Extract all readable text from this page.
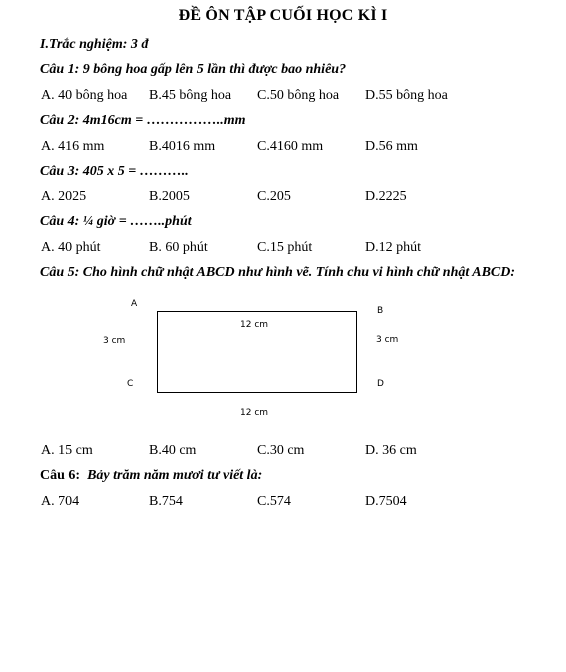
ĐỀ ÔN TẬP CUỐI HỌC KÌ I
I.Trắc nghiệm: 3 đ
Câu 1: 9 bông hoa gấp lên 5 lần thì được bao nhiêu?
A. 40 bông hoa B.45 bông hoa C.50 bông hoa D.55 bông hoa
Câu 2: 4m16cm = ……………..mm
A. 416 mm	B.4016 mm	C.4160 mm	D.56 mm
Câu 3: 405 x 5 = ………..
A. 2025	B.2005	C.205	D.2225
Câu 4: ¼ giờ = ……..phút
A. 40 phút	B. 60 phút	C.15 phút	D.12 phút
Câu 5: Cho hình chữ nhật ABCD như hình vẽ. Tính chu vi hình chữ nhật ABCD:
A
B
C	D
12 cm
12 cm
3 cm	3 cm
A. 15 cm	B.40 cm	C.30 cm	D. 36 cm
Câu 6: Bảy trăm năm mươi tư viết là:
A. 704	B.754	C.574	D.7504
